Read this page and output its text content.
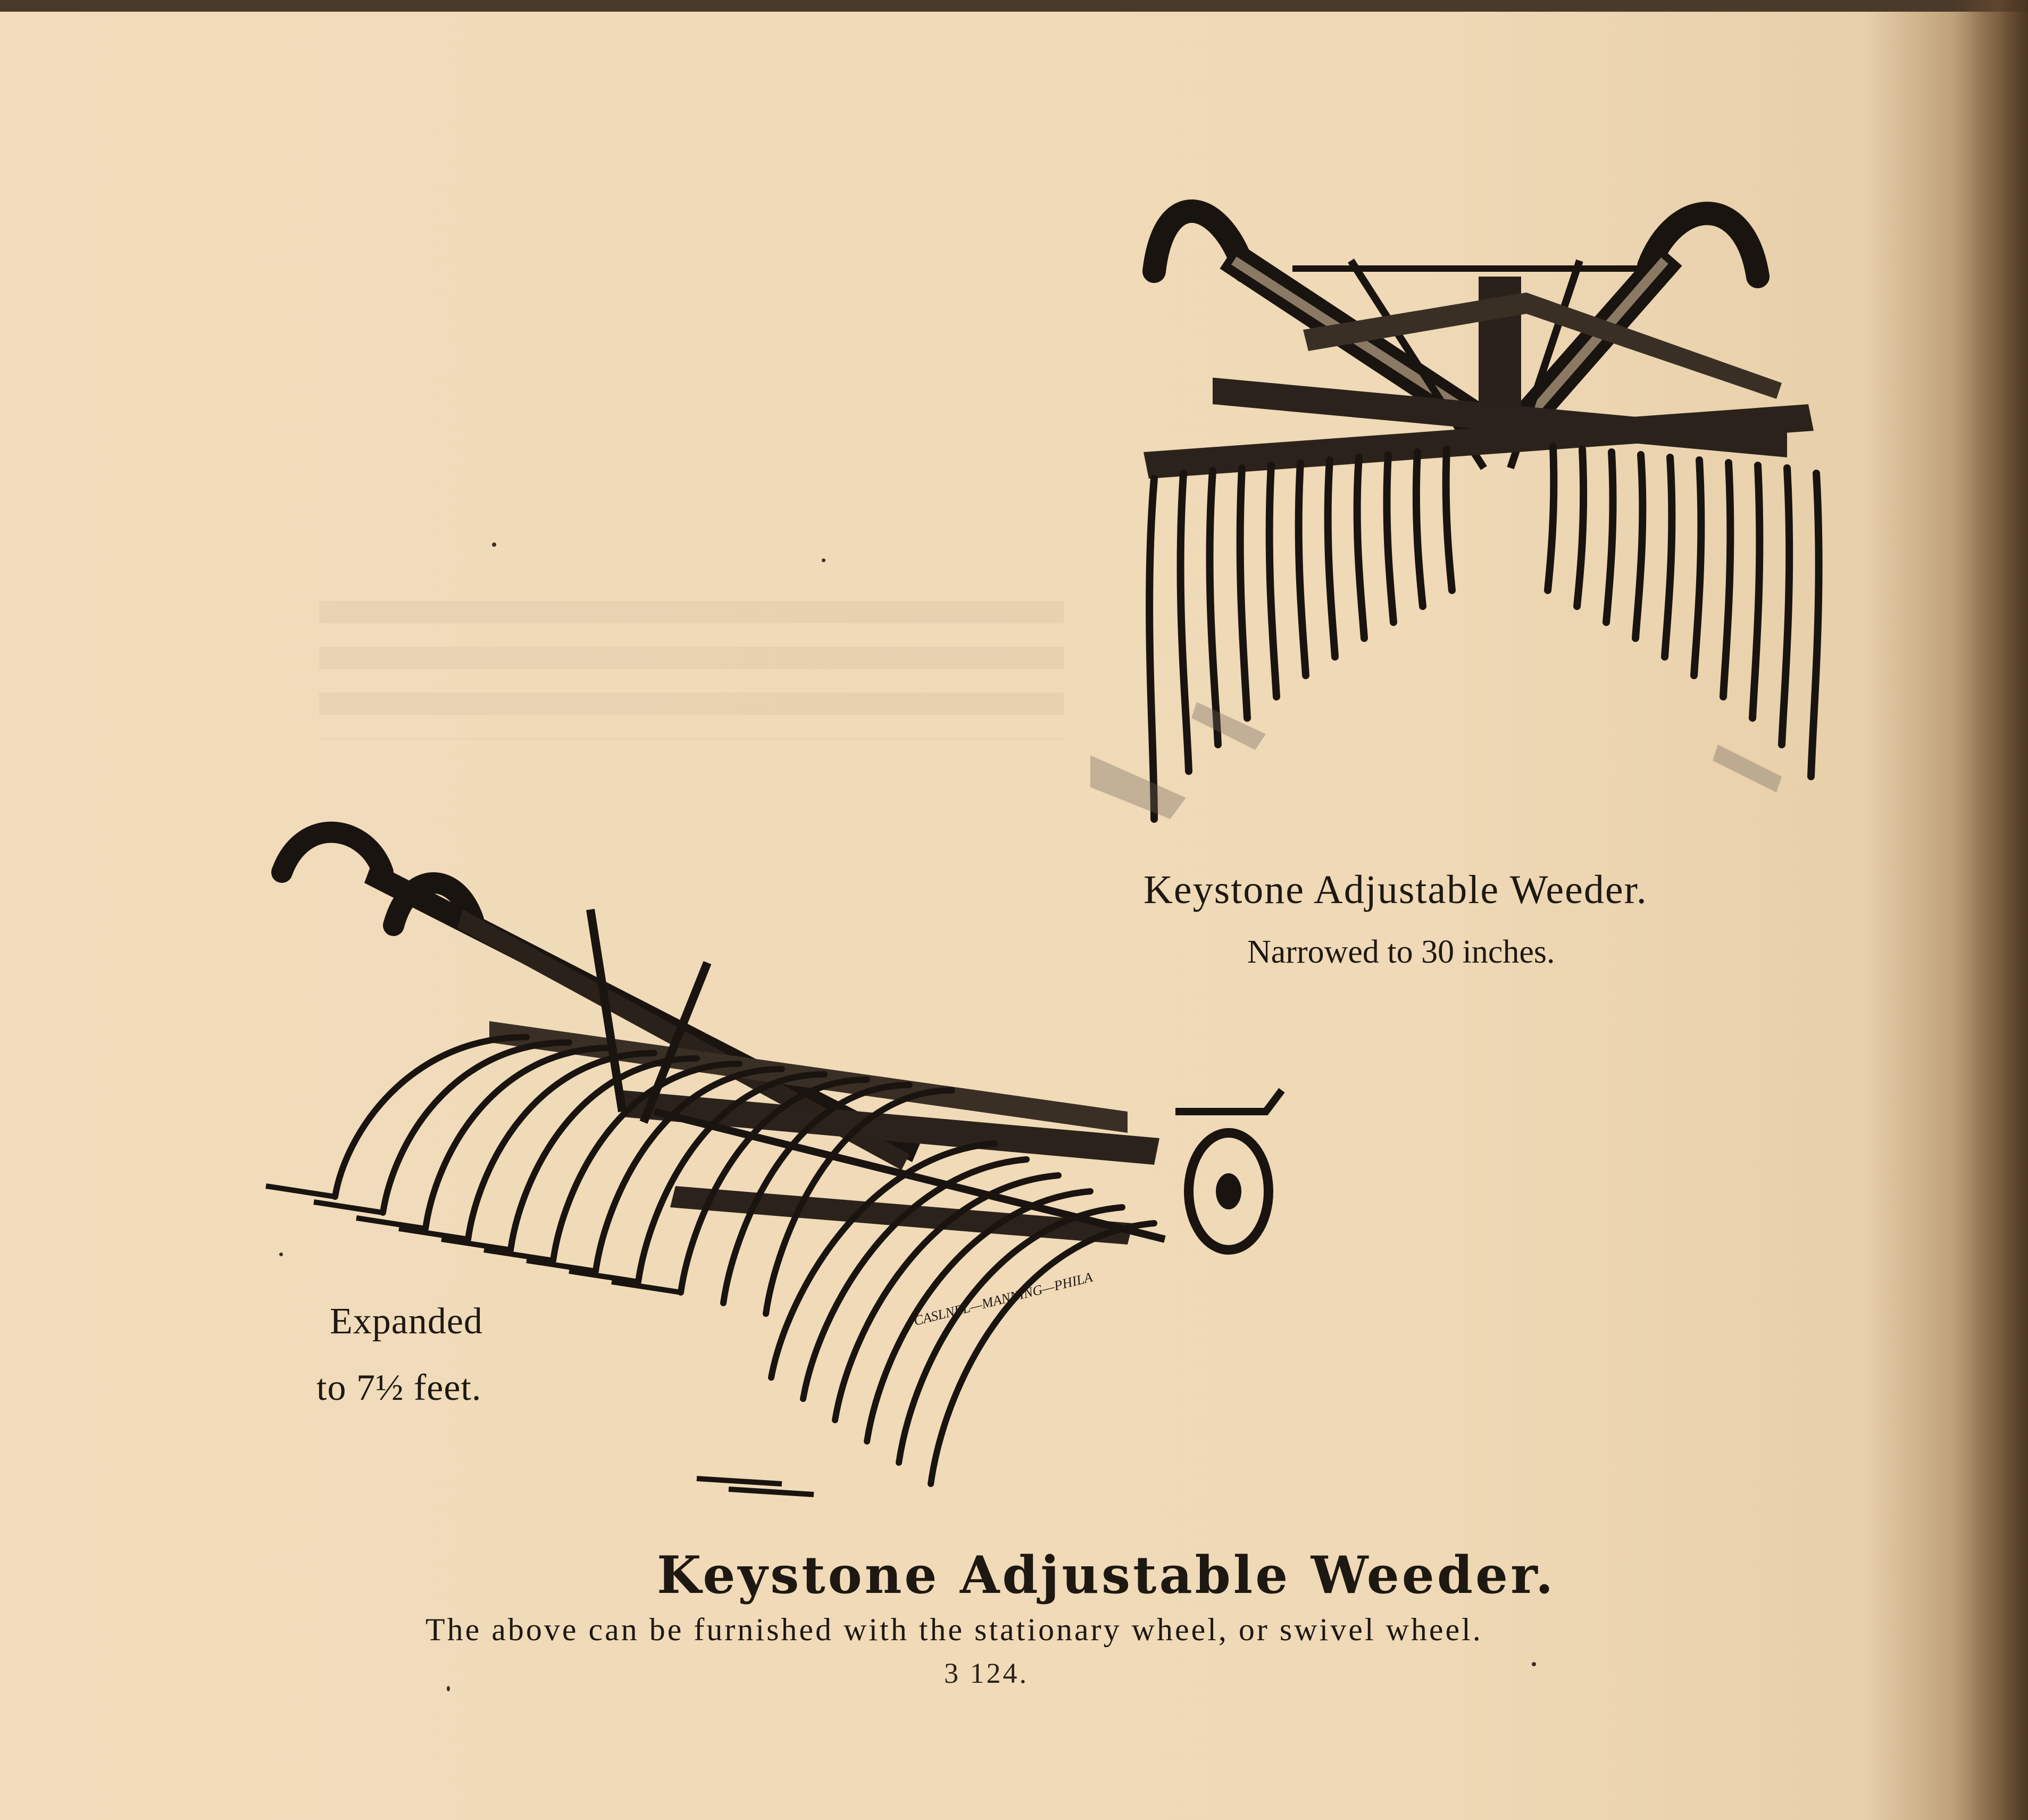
CASLNEL—MANNING—PHILA
Keystone Adjustable Weeder.
Narrowed to 30 inches.
Expanded
to 7½ feet.
Keystone Adjustable Weeder.
The above can be furnished with the stationary wheel, or swivel wheel.
3 124.
